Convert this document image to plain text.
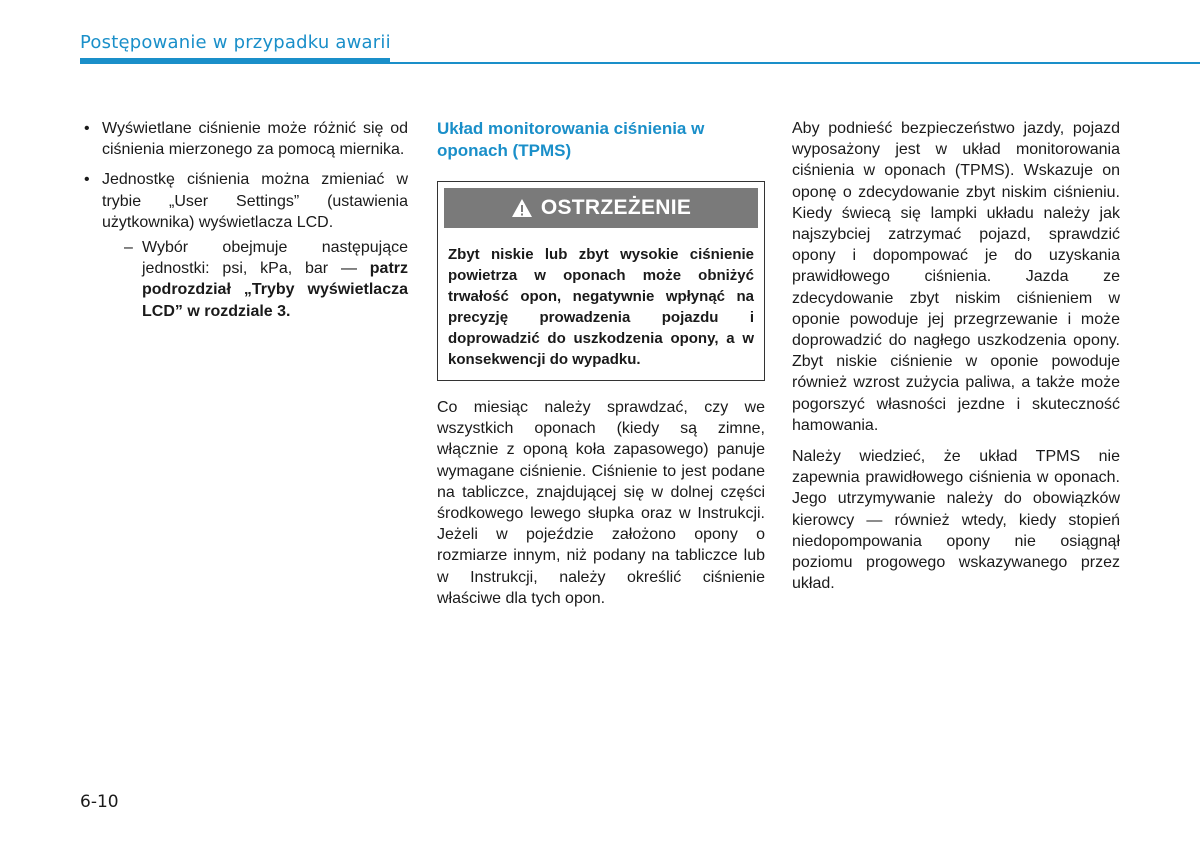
Postępowanie w przypadku awarii
• Wyświetlane ciśnienie może różnić się od ciśnienia mierzonego za pomocą miernika.
• Jednostkę ciśnienia można zmieniać w trybie „User Settings” (ustawienia użytkownika) wyświetlacza LCD.
– Wybór obejmuje następujące jednostki: psi, kPa, bar — patrz podrozdział „Tryby wyświetlacza LCD” w rozdziale 3.
Układ monitorowania ciśnienia w oponach (TPMS)
OSTRZEŻENIE
Zbyt niskie lub zbyt wysokie ciśnienie powietrza w oponach może obniżyć trwałość opon, negatywnie wpłynąć na precyzję prowadzenia pojazdu i doprowadzić do uszkodzenia opony, a w konsekwencji do wypadku.

Co miesiąc należy sprawdzać, czy we wszystkich oponach (kiedy są zimne, włącznie z oponą koła zapasowego) panuje wymagane ciśnienie. Ciśnienie to jest podane na tabliczce, znajdującej się w dolnej części środkowego lewego słupka oraz w Instrukcji. Jeżeli w pojeździe założono opony o rozmiarze innym, niż podany na tabliczce lub w Instrukcji, należy określić ciśnienie właściwe dla tych opon.

Aby podnieść bezpieczeństwo jazdy, pojazd wyposażony jest w układ monitorowania ciśnienia w oponach (TPMS). Wskazuje on oponę o zdecydowanie zbyt niskim ciśnieniu. Kiedy świecą się lampki układu należy jak najszybciej zatrzymać pojazd, sprawdzić opony i dopompować je do uzyskania prawidłowego ciśnienia. Jazda ze zdecydowanie zbyt niskim ciśnieniem w oponie powoduje jej przegrzewanie i może doprowadzić do nagłego uszkodzenia opony. Zbyt niskie ciśnienie w oponie powoduje również wzrost zużycia paliwa, a także może pogorszyć własności jezdne i skuteczność hamowania.

Należy wiedzieć, że układ TPMS nie zapewnia prawidłowego ciśnienia w oponach. Jego utrzymywanie należy do obowiązków kierowcy — również wtedy, kiedy stopień niedopompowania opony nie osiągnął poziomu progowego wskazywanego przez układ.

6-10
